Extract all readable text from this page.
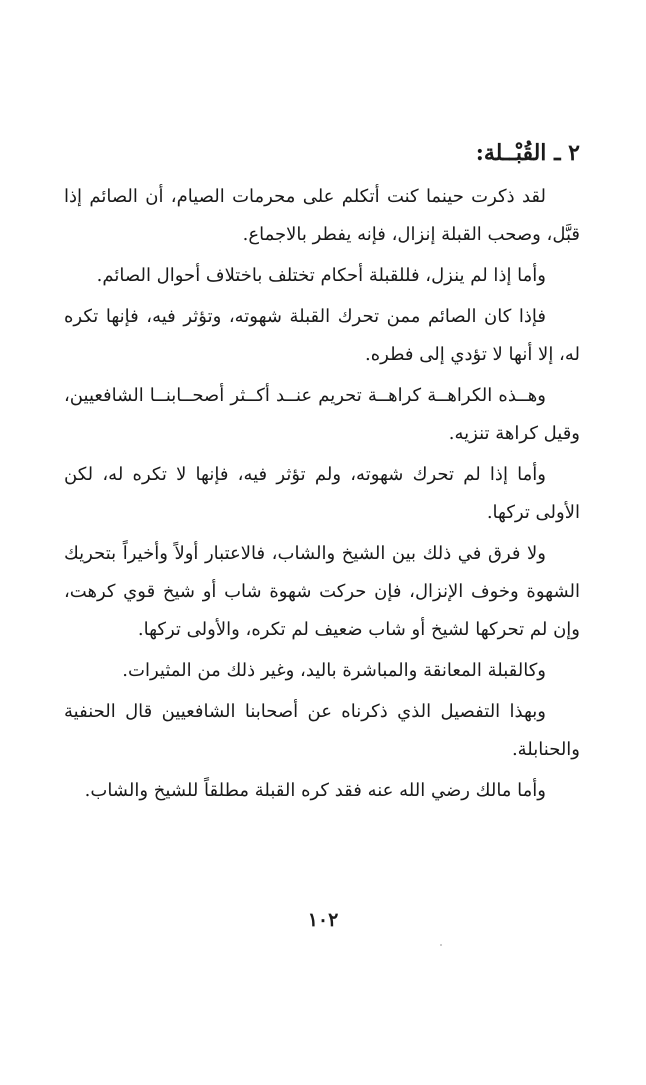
٢ ـ القُبْــلة:

لقد ذكرت حينما كنت أتكلم على محرمات الصيام، أن الصائم إذا قبَّل، وصحب القبلة إنزال، فإنه يفطر بالاجماع.

وأما إذا لم ينزل، فللقبلة أحكام تختلف باختلاف أحوال الصائم.

فإذا كان الصائم ممن تحرك القبلة شهوته، وتؤثر فيه، فإنها تكره له، إلا أنها لا تؤدي إلى فطره.

وهــذه الكراهــة كراهــة تحريم عنــد أكــثر أصحــابنــا الشافعيين، وقيل كراهة تنزيه.

وأما إذا لم تحرك شهوته، ولم تؤثر فيه، فإنها لا تكره له، لكن الأولى تركها.

ولا فرق في ذلك بين الشيخ والشاب، فالاعتبار أولاً وأخيراً بتحريك الشهوة وخوف الإنزال، فإن حركت شهوة شاب أو شيخ قوي كرهت، وإن لم تحركها لشيخ أو شاب ضعيف لم تكره، والأولى تركها.

وكالقبلة المعانقة والمباشرة باليد، وغير ذلك من المثيرات.

وبهذا التفصيل الذي ذكرناه عن أصحابنا الشافعيين قال الحنفية والحنابلة.

وأما مالك رضي الله عنه فقد كره القبلة مطلقاً للشيخ والشاب.

١٠٢
